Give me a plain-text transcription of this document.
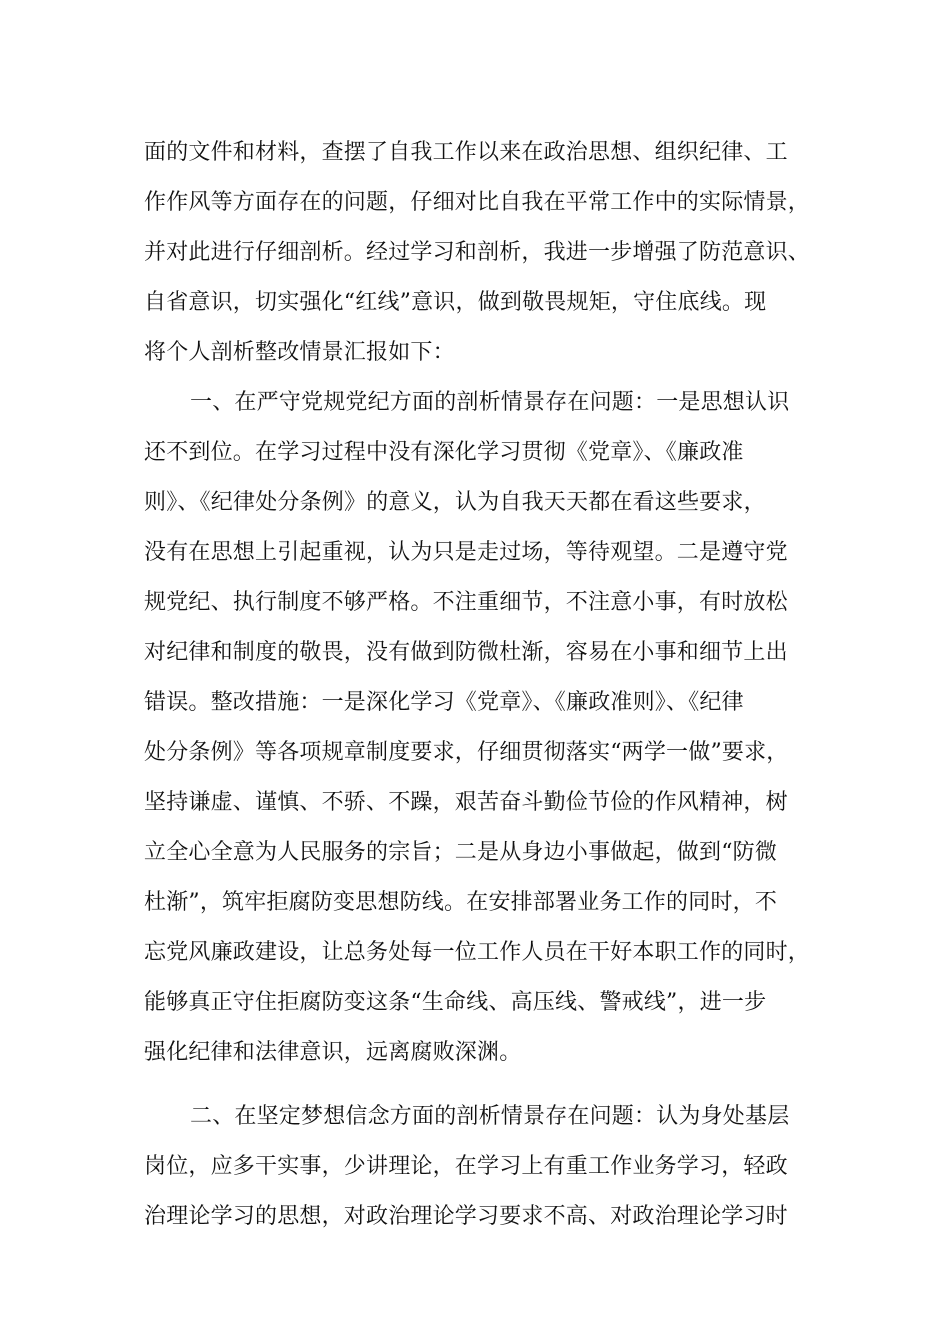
面的文件和材料，查摆了自我工作以来在政治思想、组织纪律、工
作作风等方面存在的问题，仔细对比自我在平常工作中的实际情景，
并对此进行仔细剖析。经过学习和剖析，我进一步增强了防范意识、
自省意识，切实强化“红线”意识，做到敬畏规矩，守住底线。现
将个人剖析整改情景汇报如下：
一、在严守党规党纪方面的剖析情景存在问题：一是思想认识
还不到位。在学习过程中没有深化学习贯彻《党章》、《廉政准
则》、《纪律处分条例》的意义，认为自我天天都在看这些要求，
没有在思想上引起重视，认为只是走过场，等待观望。二是遵守党
规党纪、执行制度不够严格。不注重细节，不注意小事，有时放松
对纪律和制度的敬畏，没有做到防微杜渐，容易在小事和细节上出
错误。整改措施：一是深化学习《党章》、《廉政准则》、《纪律
处分条例》等各项规章制度要求，仔细贯彻落实“两学一做”要求，
坚持谦虚、谨慎、不骄、不躁，艰苦奋斗勤俭节俭的作风精神，树
立全心全意为人民服务的宗旨；二是从身边小事做起，做到“防微
杜渐”，筑牢拒腐防变思想防线。在安排部署业务工作的同时，不
忘党风廉政建设，让总务处每一位工作人员在干好本职工作的同时，
能够真正守住拒腐防变这条“生命线、高压线、警戒线”，进一步
强化纪律和法律意识，远离腐败深渊。
二、在坚定梦想信念方面的剖析情景存在问题：认为身处基层
岗位，应多干实事，少讲理论，在学习上有重工作业务学习，轻政
治理论学习的思想，对政治理论学习要求不高、对政治理论学习时
